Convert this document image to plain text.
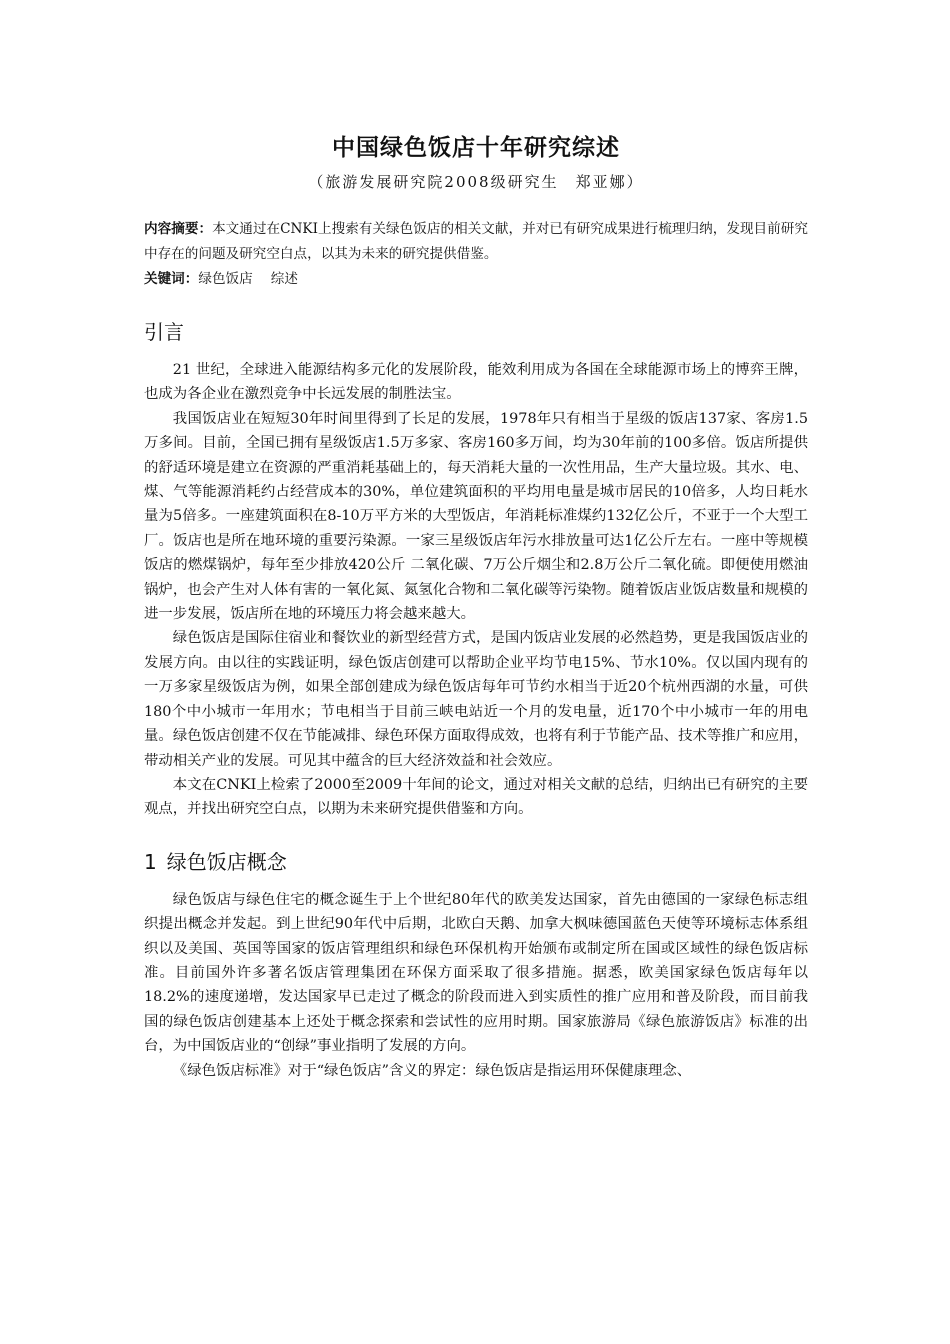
中国绿色饭店十年研究综述
（旅游发展研究院2008级研究生　郑亚娜）
内容摘要：本文通过在CNKI上搜索有关绿色饭店的相关文献，并对已有研究成果进行梳理归纳，发现目前研究中存在的问题及研究空白点，以其为未来的研究提供借鉴。
关键词：绿色饭店 综述
引言

21 世纪，全球进入能源结构多元化的发展阶段，能效利用成为各国在全球能源市场上的博弈王牌，也成为各企业在激烈竞争中长远发展的制胜法宝。

我国饭店业在短短30年时间里得到了长足的发展，1978年只有相当于星级的饭店137家、客房1.5万多间。目前，全国已拥有星级饭店1.5万多家、客房160多万间，均为30年前的100多倍。饭店所提供的舒适环境是建立在资源的严重消耗基础上的，每天消耗大量的一次性用品，生产大量垃圾。其水、电、煤、气等能源消耗约占经营成本的30%，单位建筑面积的平均用电量是城市居民的10倍多，人均日耗水量为5倍多。一座建筑面积在8-10万平方米的大型饭店，年消耗标准煤约132亿公斤，不亚于一个大型工厂。饭店也是所在地环境的重要污染源。一家三星级饭店年污水排放量可达1亿公斤左右。一座中等规模饭店的燃煤锅炉，每年至少排放420公斤 二氧化碳、7万公斤烟尘和2.8万公斤二氧化硫。即便使用燃油锅炉，也会产生对人体有害的一氧化氮、氮氢化合物和二氧化碳等污染物。随着饭店业饭店数量和规模的进一步发展，饭店所在地的环境压力将会越来越大。

绿色饭店是国际住宿业和餐饮业的新型经营方式，是国内饭店业发展的必然趋势，更是我国饭店业的发展方向。由以往的实践证明，绿色饭店创建可以帮助企业平均节电15%、节水10%。仅以国内现有的一万多家星级饭店为例，如果全部创建成为绿色饭店每年可节约水相当于近20个杭州西湖的水量，可供180个中小城市一年用水；节电相当于目前三峡电站近一个月的发电量，近170个中小城市一年的用电量。绿色饭店创建不仅在节能减排、绿色环保方面取得成效，也将有利于节能产品、技术等推广和应用，带动相关产业的发展。可见其中蕴含的巨大经济效益和社会效应。

本文在CNKI上检索了2000至2009十年间的论文，通过对相关文献的总结，归纳出已有研究的主要观点，并找出研究空白点，以期为未来研究提供借鉴和方向。

1 绿色饭店概念

绿色饭店与绿色住宅的概念诞生于上个世纪80年代的欧美发达国家，首先由德国的一家绿色标志组织提出概念并发起。到上世纪90年代中后期，北欧白天鹅、加拿大枫味德国蓝色天使等环境标志体系组织以及美国、英国等国家的饭店管理组织和绿色环保机构开始颁布或制定所在国或区域性的绿色饭店标准。目前国外许多著名饭店管理集团在环保方面采取了很多措施。据悉，欧美国家绿色饭店每年以18.2%的速度递增，发达国家早已走过了概念的阶段而进入到实质性的推广应用和普及阶段，而目前我国的绿色饭店创建基本上还处于概念探索和尝试性的应用时期。国家旅游局《绿色旅游饭店》标准的出台，为中国饭店业的“创绿”事业指明了发展的方向。

《绿色饭店标准》对于“绿色饭店”含义的界定：绿色饭店是指运用环保健康理念、
